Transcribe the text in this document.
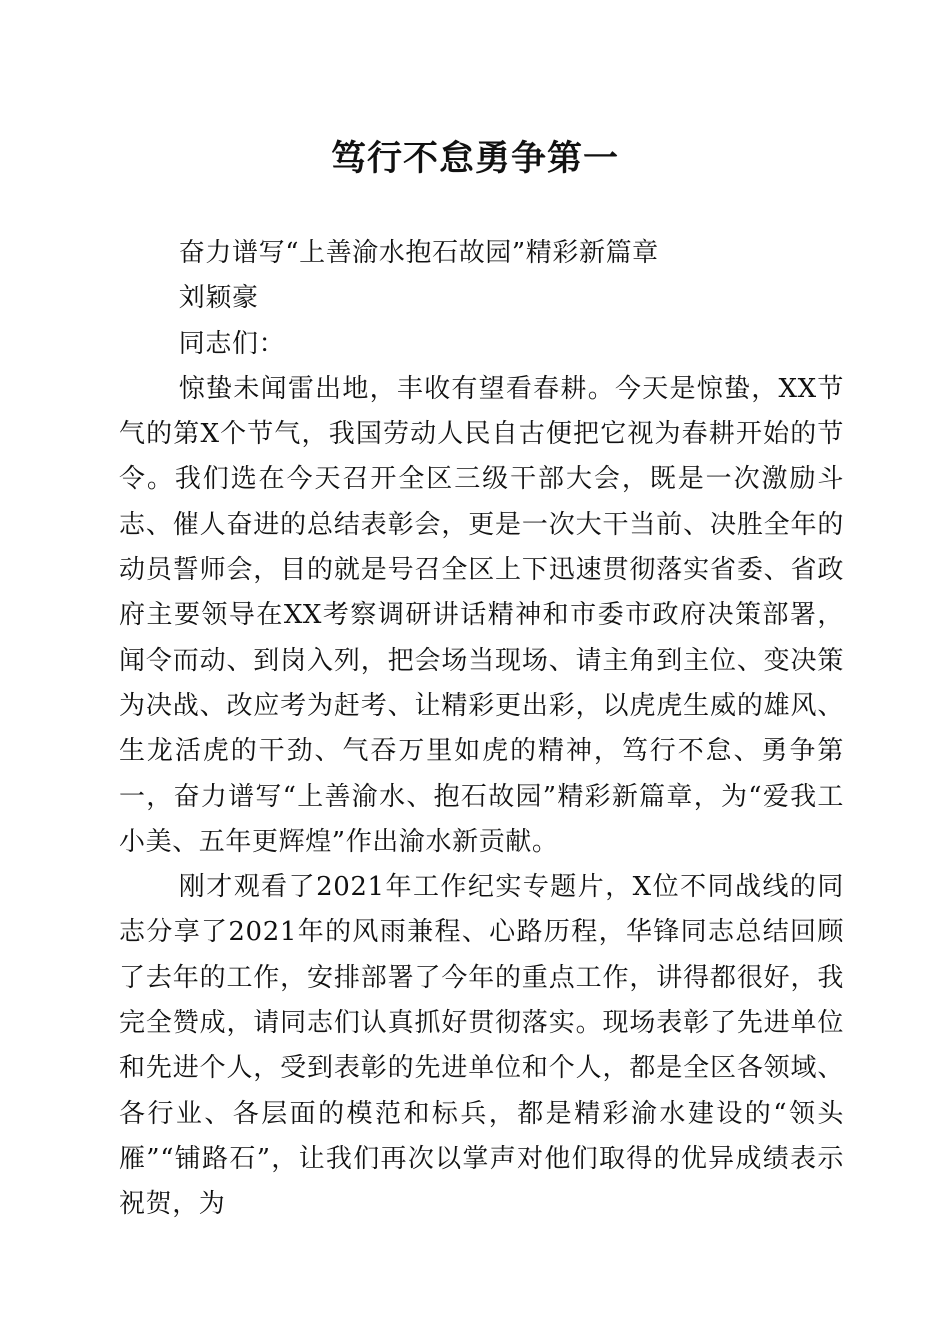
笃行不怠勇争第一

奋力谱写“上善渝水抱石故园”精彩新篇章

刘颖豪

同志们：

惊蛰未闻雷出地，丰收有望看春耕。今天是惊蛰，XX节气的第X个节气，我国劳动人民自古便把它视为春耕开始的节令。我们选在今天召开全区三级干部大会，既是一次激励斗志、催人奋进的总结表彰会，更是一次大干当前、决胜全年的动员誓师会，目的就是号召全区上下迅速贯彻落实省委、省政府主要领导在XX考察调研讲话精神和市委市政府决策部署，闻令而动、到岗入列，把会场当现场、请主角到主位、变决策为决战、改应考为赶考、让精彩更出彩，以虎虎生威的雄风、生龙活虎的干劲、气吞万里如虎的精神，笃行不怠、勇争第一，奋力谱写“上善渝水、抱石故园”精彩新篇章，为“爱我工小美、五年更辉煌”作出渝水新贡献。

刚才观看了2021年工作纪实专题片，X位不同战线的同志分享了2021年的风雨兼程、心路历程，华锋同志总结回顾了去年的工作，安排部署了今年的重点工作，讲得都很好，我完全赞成，请同志们认真抓好贯彻落实。现场表彰了先进单位和先进个人，受到表彰的先进单位和个人，都是全区各领域、各行业、各层面的模范和标兵，都是精彩渝水建设的“领头雁”“铺路石”，让我们再次以掌声对他们取得的优异成绩表示祝贺，为
